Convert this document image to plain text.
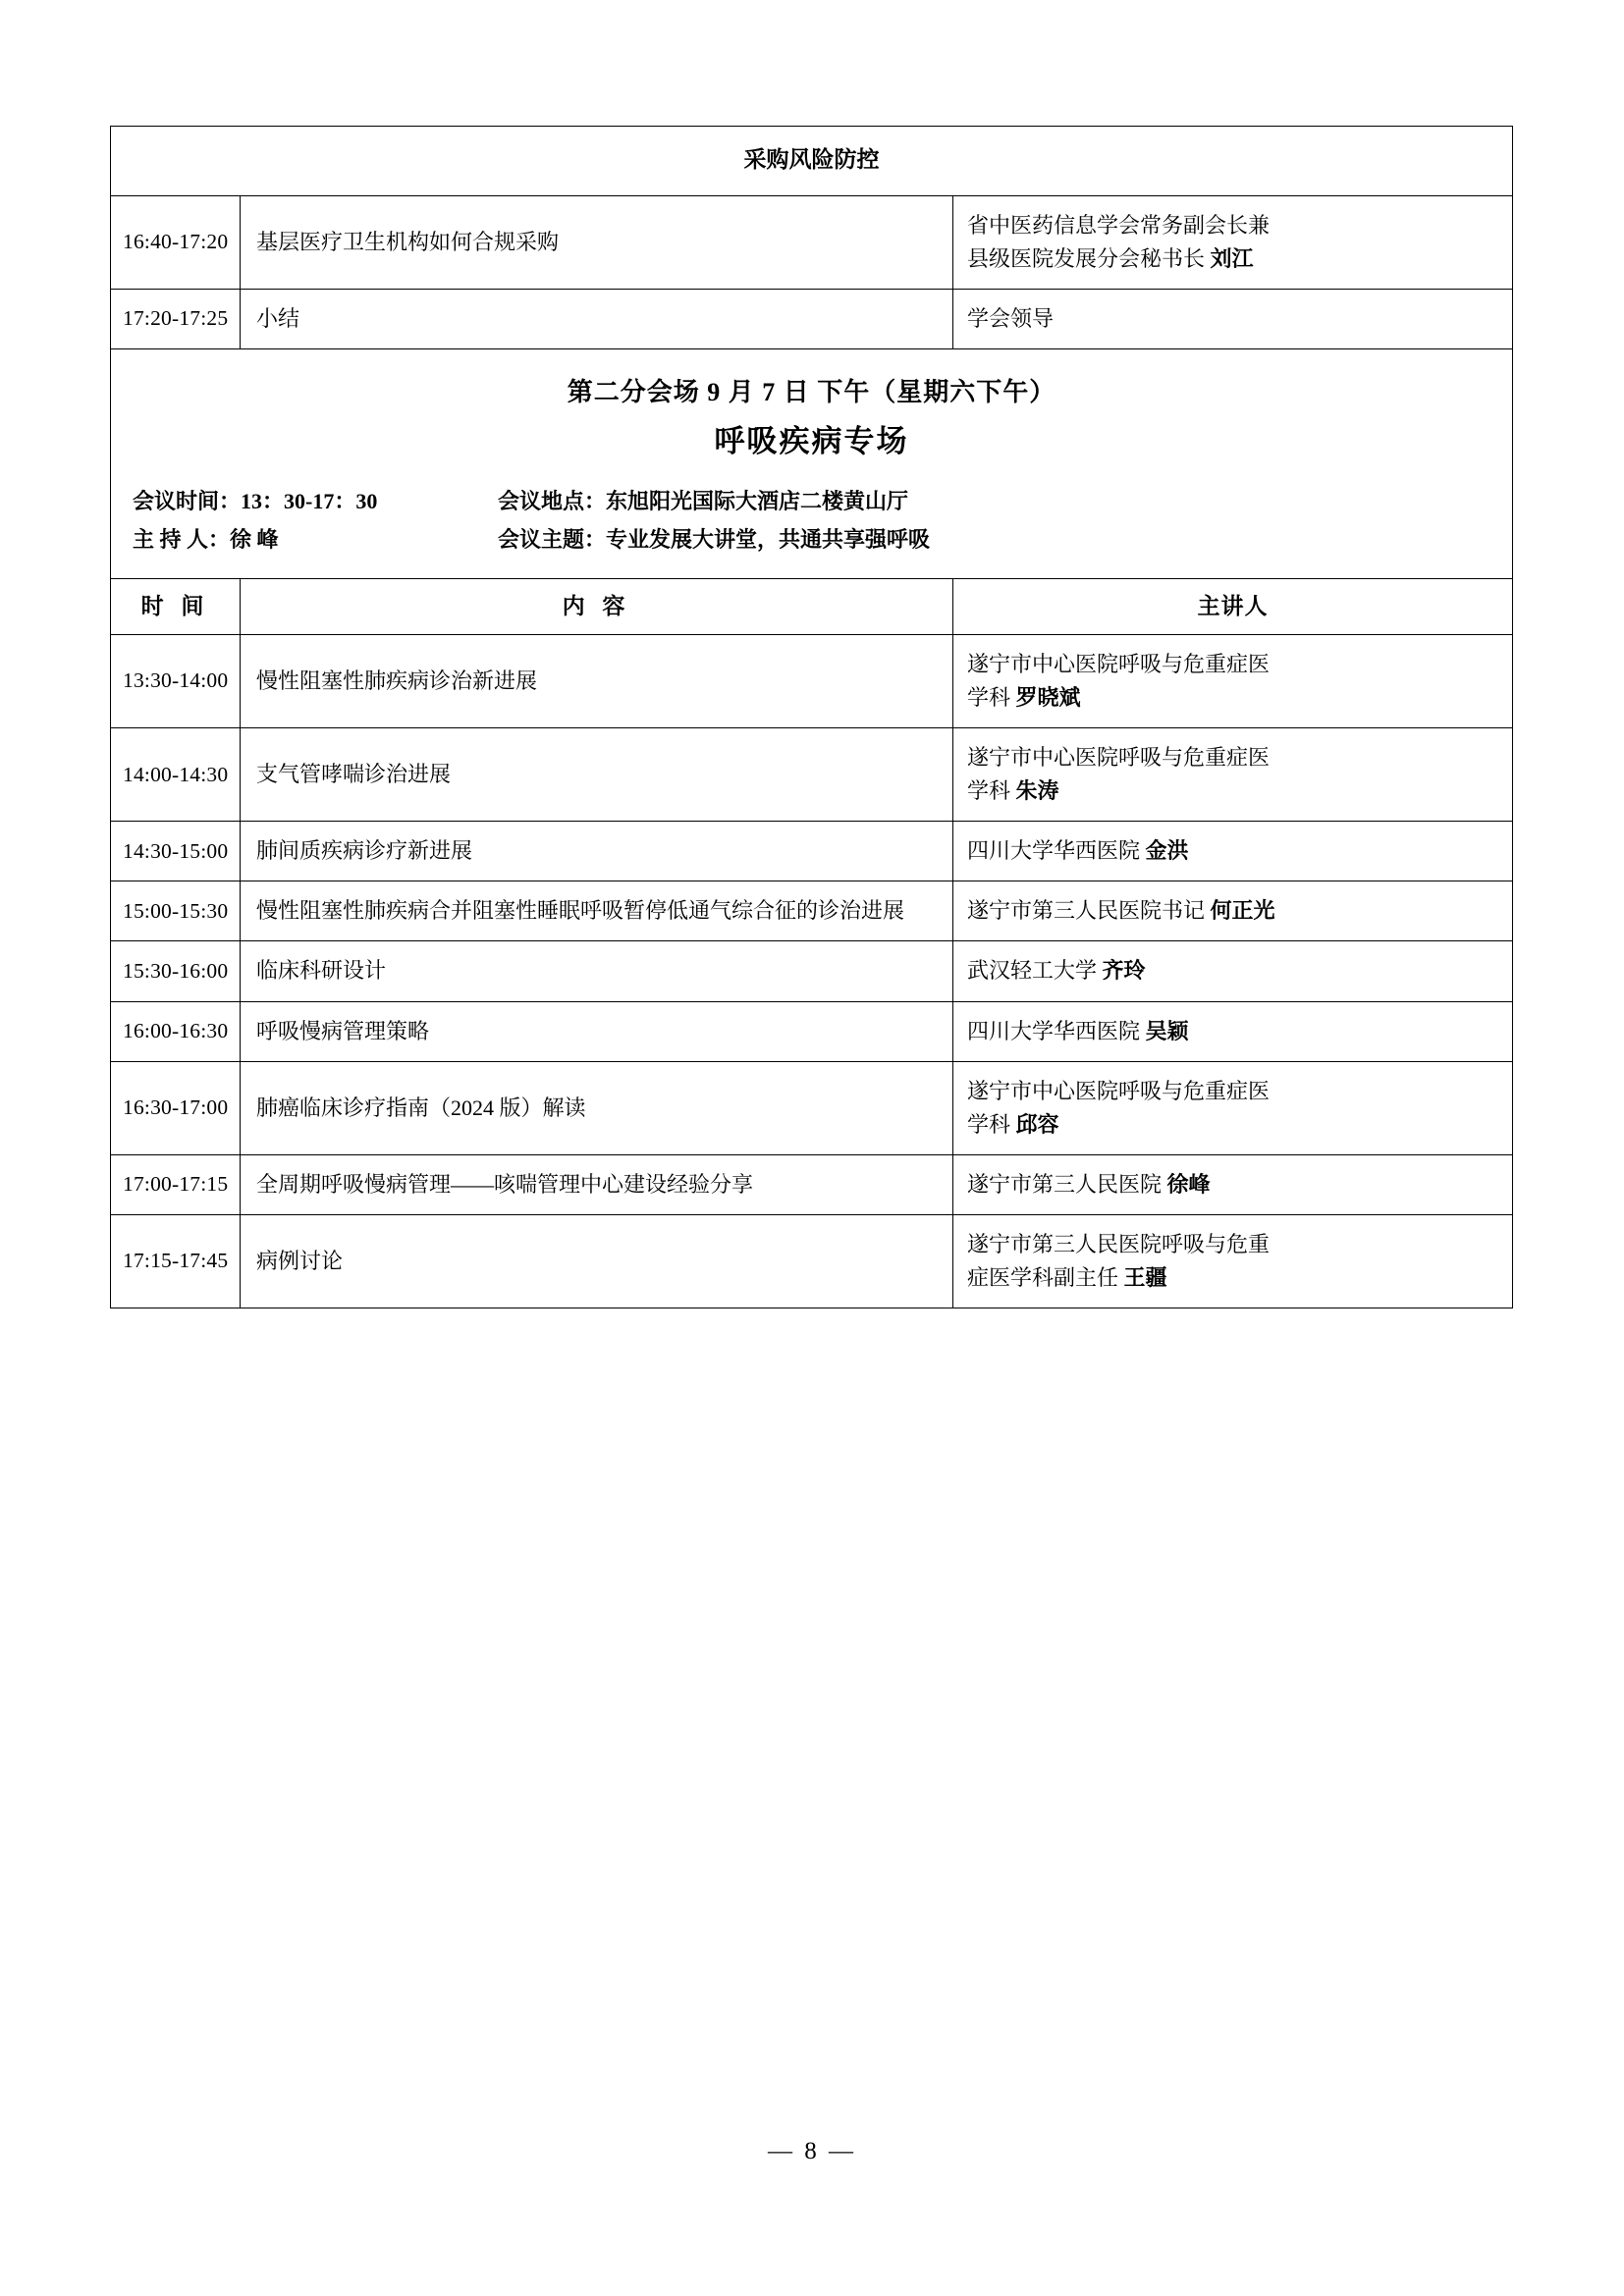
采购风险防控		

16:40-17:20	基层医疗卫生机构如何合规采购	省中医药信息学会常务副会长兼
县级医院发展分会秘书长 刘江

17:20-17:25	小结	学会领导

第二分会场 9 月 7 日 下午（星期六下午）
呼吸疾病专场
会议时间：13：30-17：30	会议地点：东旭阳光国际大酒店二楼黄山厅
主 持 人：徐 峰	会议主题：专业发展大讲堂，共通共享强呼吸

时 间	内 容	主讲人

13:30-14:00	慢性阻塞性肺疾病诊治新进展	遂宁市中心医院呼吸与危重症医
学科 罗晓斌

14:00-14:30	支气管哮喘诊治进展	遂宁市中心医院呼吸与危重症医
学科 朱涛

14:30-15:00	肺间质疾病诊疗新进展	四川大学华西医院 金洪

15:00-15:30	慢性阻塞性肺疾病合并阻塞性睡眠呼吸暂停低通气综合征的诊治进展	遂宁市第三人民医院书记 何正光

15:30-16:00	临床科研设计	武汉轻工大学 齐玲

16:00-16:30	呼吸慢病管理策略	四川大学华西医院 吴颖

16:30-17:00	肺癌临床诊疗指南（2024 版）解读	遂宁市中心医院呼吸与危重症医
学科 邱容

17:00-17:15	全周期呼吸慢病管理——咳喘管理中心建设经验分享	遂宁市第三人民医院 徐峰

17:15-17:45	病例讨论	遂宁市第三人民医院呼吸与危重
症医学科副主任 王疆
— 8 —
